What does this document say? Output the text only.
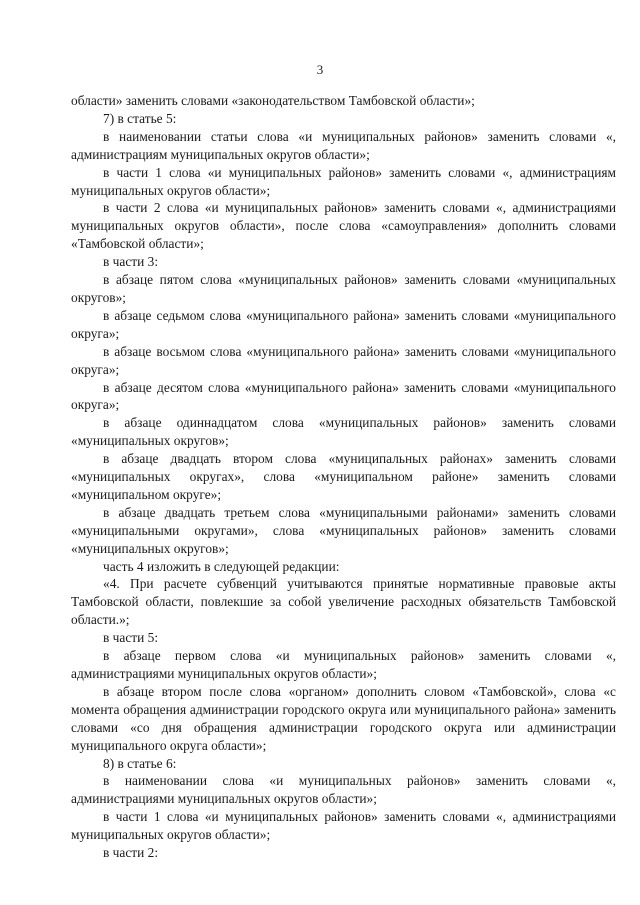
3

области» заменить словами «законодательством Тамбовской области»;

7) в статье 5:

в наименовании статьи слова «и муниципальных районов» заменить словами «, администрациям муниципальных округов области»;

в части 1 слова «и муниципальных районов» заменить словами «, администрациям муниципальных округов области»;

в части 2 слова «и муниципальных районов» заменить словами «, администрациями муниципальных округов области», после слова «самоуправления» дополнить словами «Тамбовской области»;

в части 3:

в абзаце пятом слова «муниципальных районов» заменить словами «муниципальных округов»;

в абзаце седьмом слова «муниципального района» заменить словами «муниципального округа»;

в абзаце восьмом слова «муниципального района» заменить словами «муниципального округа»;

в абзаце десятом слова «муниципального района» заменить словами «муниципального округа»;

в абзаце одиннадцатом слова «муниципальных районов» заменить словами «муниципальных округов»;

в абзаце двадцать втором слова «муниципальных районах» заменить словами «муниципальных округах», слова «муниципальном районе» заменить словами «муниципальном округе»;

в абзаце двадцать третьем слова «муниципальными районами» заменить словами «муниципальными округами», слова «муниципальных районов» заменить словами «муниципальных округов»;

часть 4 изложить в следующей редакции:

«4. При расчете субвенций учитываются принятые нормативные правовые акты Тамбовской области, повлекшие за собой увеличение расходных обязательств Тамбовской области.»;

в части 5:

в абзаце первом слова «и муниципальных районов» заменить словами «, администрациями муниципальных округов области»;

в абзаце втором после слова «органом» дополнить словом «Тамбовской», слова «с момента обращения администрации городского округа или муниципального района» заменить словами «со дня обращения администрации городского округа или администрации муниципального округа области»;

8) в статье 6:

в наименовании слова «и муниципальных районов» заменить словами «, администрациями муниципальных округов области»;

в части 1 слова «и муниципальных районов» заменить словами «, администрациями муниципальных округов области»;

в части 2:
